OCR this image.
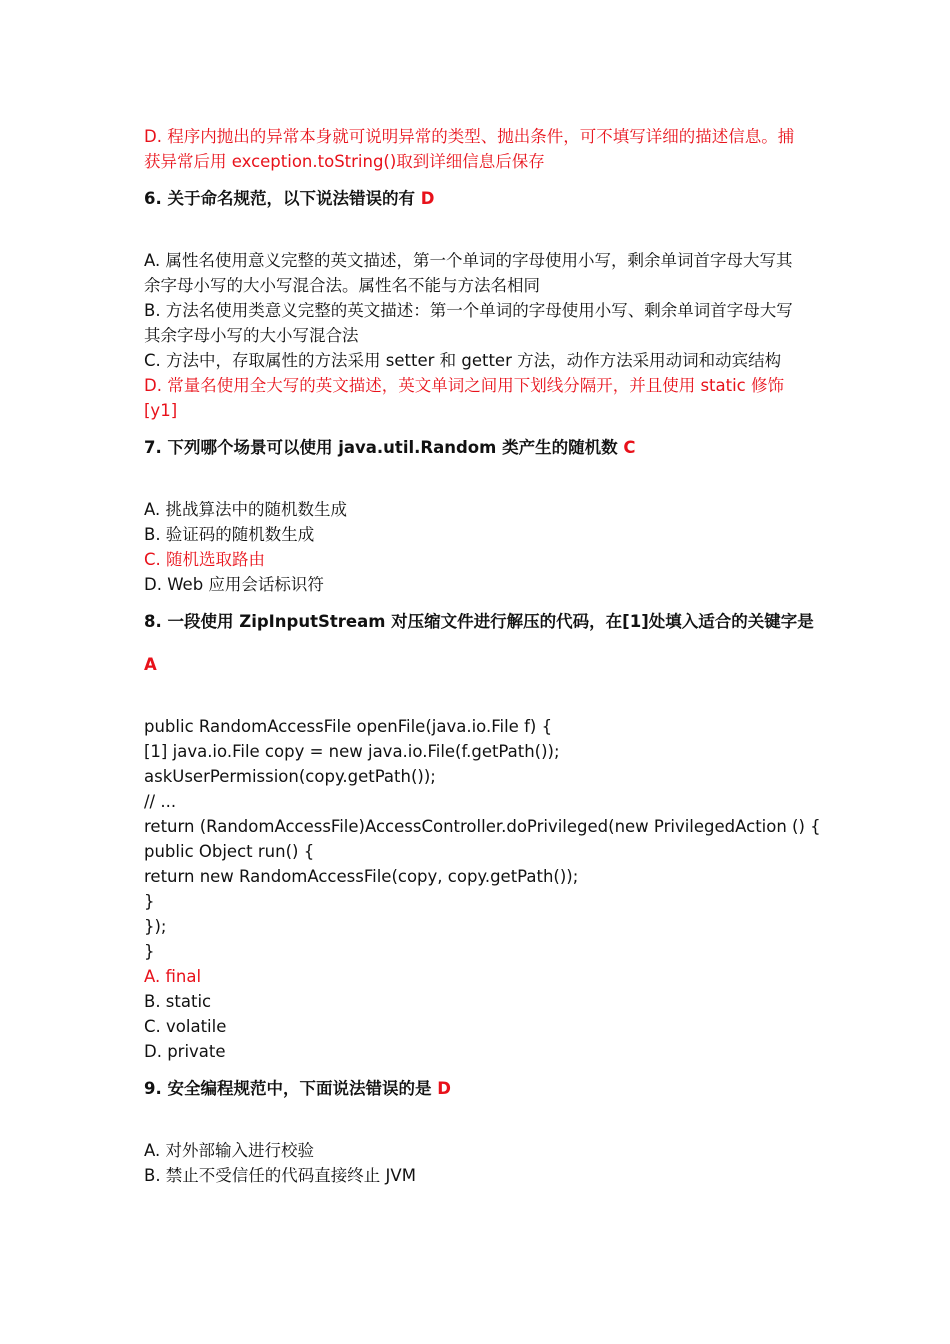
D. 程序内抛出的异常本身就可说明异常的类型、抛出条件，可不填写详细的描述信息。捕
获异常后用 exception.toString()取到详细信息后保存
6. 关于命名规范，以下说法错误的有 D
A. 属性名使用意义完整的英文描述，第一个单词的字母使用小写，剩余单词首字母大写其
余字母小写的大小写混合法。属性名不能与方法名相同
B. 方法名使用类意义完整的英文描述：第一个单词的字母使用小写、剩余单词首字母大写
其余字母小写的大小写混合法
C. 方法中，存取属性的方法采用 setter 和 getter 方法，动作方法采用动词和动宾结构
D. 常量名使用全大写的英文描述，英文单词之间用下划线分隔开，并且使用 static 修饰
[y1]
7. 下列哪个场景可以使用 java.util.Random 类产生的随机数 C
A. 挑战算法中的随机数生成
B. 验证码的随机数生成
C. 随机选取路由
D. Web 应用会话标识符
8. 一段使用 ZipInputStream 对压缩文件进行解压的代码，在[1]处填入适合的关键字是
A
public RandomAccessFile openFile(java.io.File f) {
[1] java.io.File copy = new java.io.File(f.getPath());
askUserPermission(copy.getPath());
// ...
return (RandomAccessFile)AccessController.doPrivileged(new PrivilegedAction () {
public Object run() {
return new RandomAccessFile(copy, copy.getPath());
}
});
}
A. final
B. static
C. volatile
D. private
9. 安全编程规范中，下面说法错误的是 D
A. 对外部输入进行校验
B. 禁止不受信任的代码直接终止 JVM
